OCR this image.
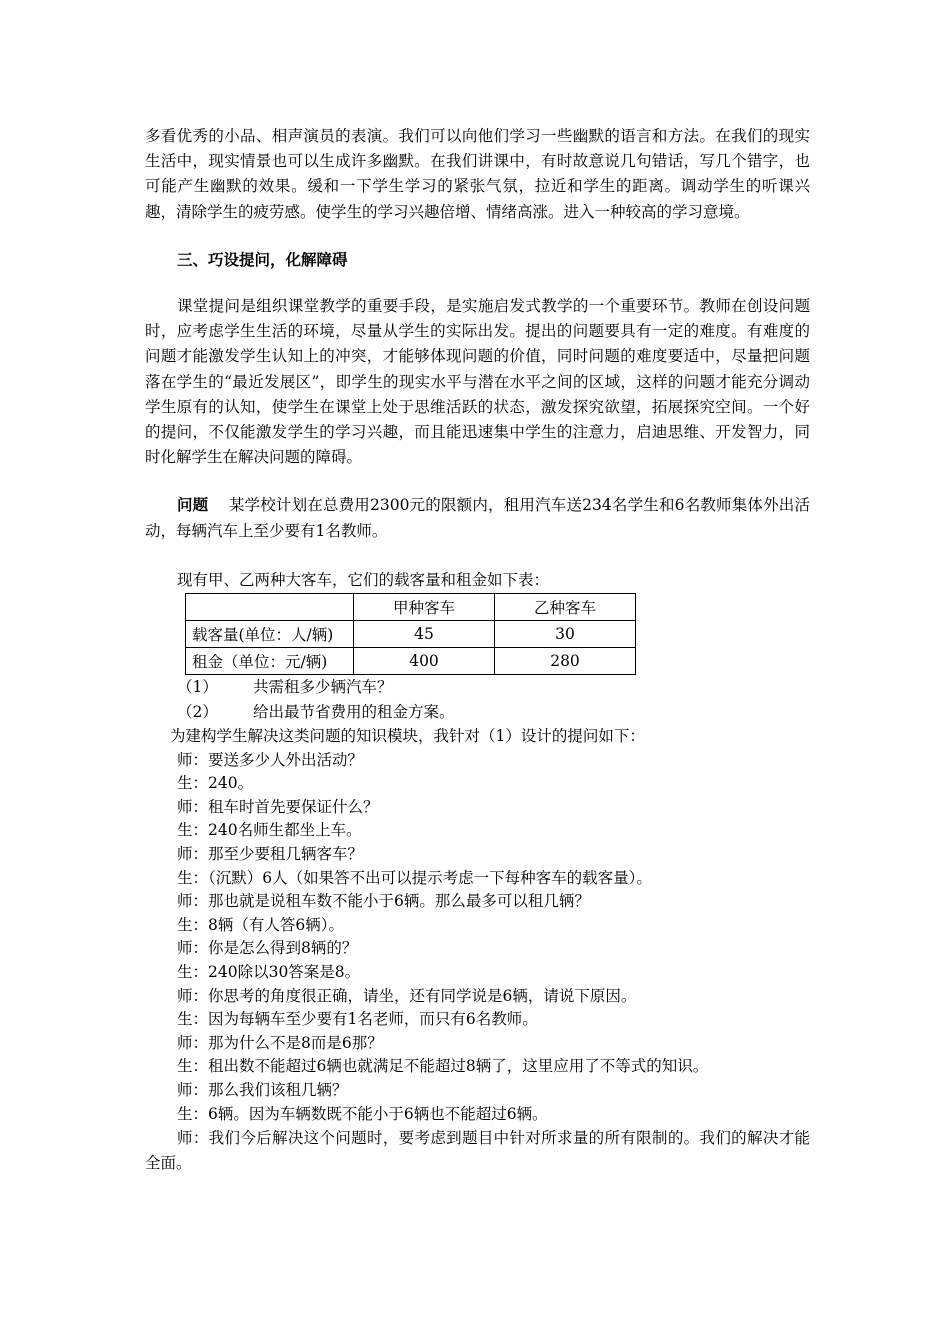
多看优秀的小品、相声演员的表演。我们可以向他们学习一些幽默的语言和方法。在我们的现实生活中，现实情景也可以生成许多幽默。在我们讲课中，有时故意说几句错话，写几个错字，也可能产生幽默的效果。缓和一下学生学习的紧张气氛，拉近和学生的距离。调动学生的听课兴趣，清除学生的疲劳感。使学生的学习兴趣倍增、情绪高涨。进入一种较高的学习意境。

三、巧设提问，化解障碍

课堂提问是组织课堂教学的重要手段，是实施启发式教学的一个重要环节。教师在创设问题时，应考虑学生生活的环境，尽量从学生的实际出发。提出的问题要具有一定的难度。有难度的问题才能激发学生认知上的冲突，才能够体现问题的价值，同时问题的难度要适中，尽量把问题落在学生的“最近发展区”，即学生的现实水平与潜在水平之间的区域，这样的问题才能充分调动学生原有的认知，使学生在课堂上处于思维活跃的状态，激发探究欲望，拓展探究空间。一个好的提问，不仅能激发学生的学习兴趣，而且能迅速集中学生的注意力，启迪思维、开发智力，同时化解学生在解决问题的障碍。

问题 某学校计划在总费用2300元的限额内，租用汽车送234名学生和6名教师集体外出活动，每辆汽车上至少要有1名教师。

现有甲、乙两种大客车，它们的载客量和租金如下表：

	甲种客车	乙种客车
载客量(单位：人/辆)	45	30
租金（单位：元/辆)	400	280
（1）	共需租多少辆汽车？
（2）	给出最节省费用的租金方案。
为建构学生解决这类问题的知识模块，我针对（1）设计的提问如下：
师：要送多少人外出活动？
生：240。
师：租车时首先要保证什么？
生：240名师生都坐上车。
师：那至少要租几辆客车？
生：（沉默）6人（如果答不出可以提示考虑一下每种客车的载客量）。
师：那也就是说租车数不能小于6辆。那么最多可以租几辆？
生：8辆（有人答6辆）。
师：你是怎么得到8辆的？
生：240除以30答案是8。
师：你思考的角度很正确，请坐，还有同学说是6辆，请说下原因。
生：因为每辆车至少要有1名老师，而只有6名教师。
师：那为什么不是8而是6那？
生：租出数不能超过6辆也就满足不能超过8辆了，这里应用了不等式的知识。
师：那么我们该租几辆？
生：6辆。因为车辆数既不能小于6辆也不能超过6辆。

师：我们今后解决这个问题时，要考虑到题目中针对所求量的所有限制的。我们的解决才能全面。
